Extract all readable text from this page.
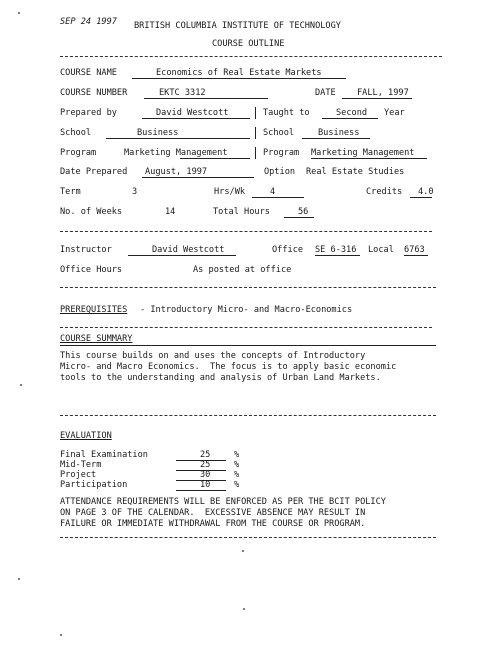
SEP 24 1997 BRITISH COLUMBIA INSTITUTE OF TECHNOLOGY
COURSE OUTLINE
COURSE NAME	Economics of Real Estate Markets
COURSE NUMBER	EKTC 3312	DATE FALL, 1997
Prepared by	David Westcott	Taught to	Second Year
School	Business	School	Business
Program	Marketing Management	Program Marketing Management
Date Prepared August, 1997	Option Real Estate Studies
Term	3	Hrs/Wk	4	Credits 4.0
No. of Weeks	14	Total Hours	56
Instructor	David Westcott	Office SE 6-316 Local 6763
Office Hours	As posted at office
PREREQUISITES - Introductory Micro- and Macro-Economics
COURSE SUMMARY
This course builds on and uses the concepts of Introductory
Micro- and Macro Economics.  The focus is to apply basic economic
tools to the understanding and analysis of Urban Land Markets.
EVALUATION
Final Examination	25	%
Mid-Term	25	%
Project	30	%
Participation	10	%
ATTENDANCE REQUIREMENTS WILL BE ENFORCED AS PER THE BCIT POLICY
ON PAGE 3 OF THE CALENDAR.  EXCESSIVE ABSENCE MAY RESULT IN
FAILURE OR IMMEDIATE WITHDRAWAL FROM THE COURSE OR PROGRAM.
